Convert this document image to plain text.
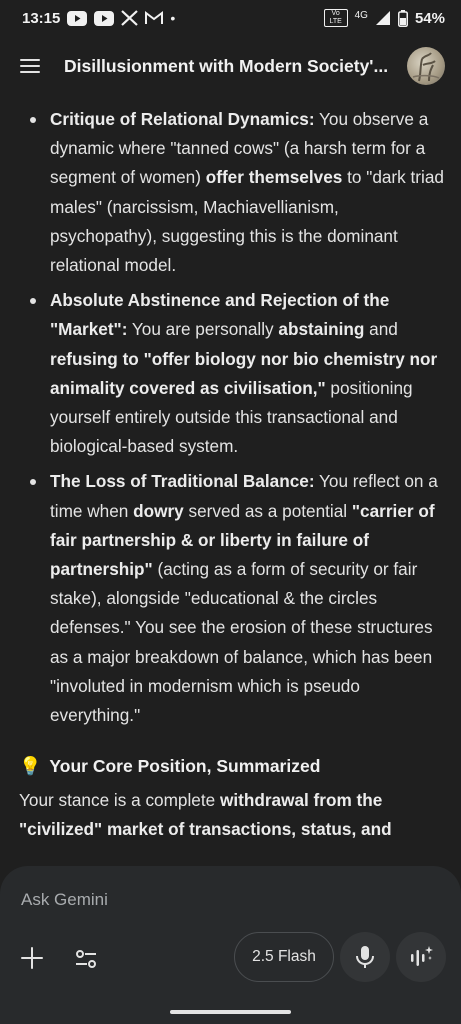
13:15	•	Vo LTE
4G	54%
Disillusionment with Modern Society'...
Critique of Relational Dynamics: You observe a dynamic where "tanned cows" (a harsh term for a segment of women) offer themselves to "dark triad males" (narcissism, Machiavellianism, psychopathy), suggesting this is the dominant relational model.
Absolute Abstinence and Rejection of the "Market": You are personally abstaining and refusing to "offer biology nor bio chemistry nor animality covered as civilisation," positioning yourself entirely outside this transactional and biological-based system.
The Loss of Traditional Balance: You reflect on a time when dowry served as a potential "carrier of fair partnership & or liberty in failure of partnership" (acting as a form of security or fair stake), alongside "educational & the circles defenses." You see the erosion of these structures as a major breakdown of balance, which has been "involuted in modernism which is pseudo everything."
💡 Your Core Position, Summarized
Your stance is a complete withdrawal from the "civilized" market of transactions, status, and
Ask Gemini
2.5 Flash
